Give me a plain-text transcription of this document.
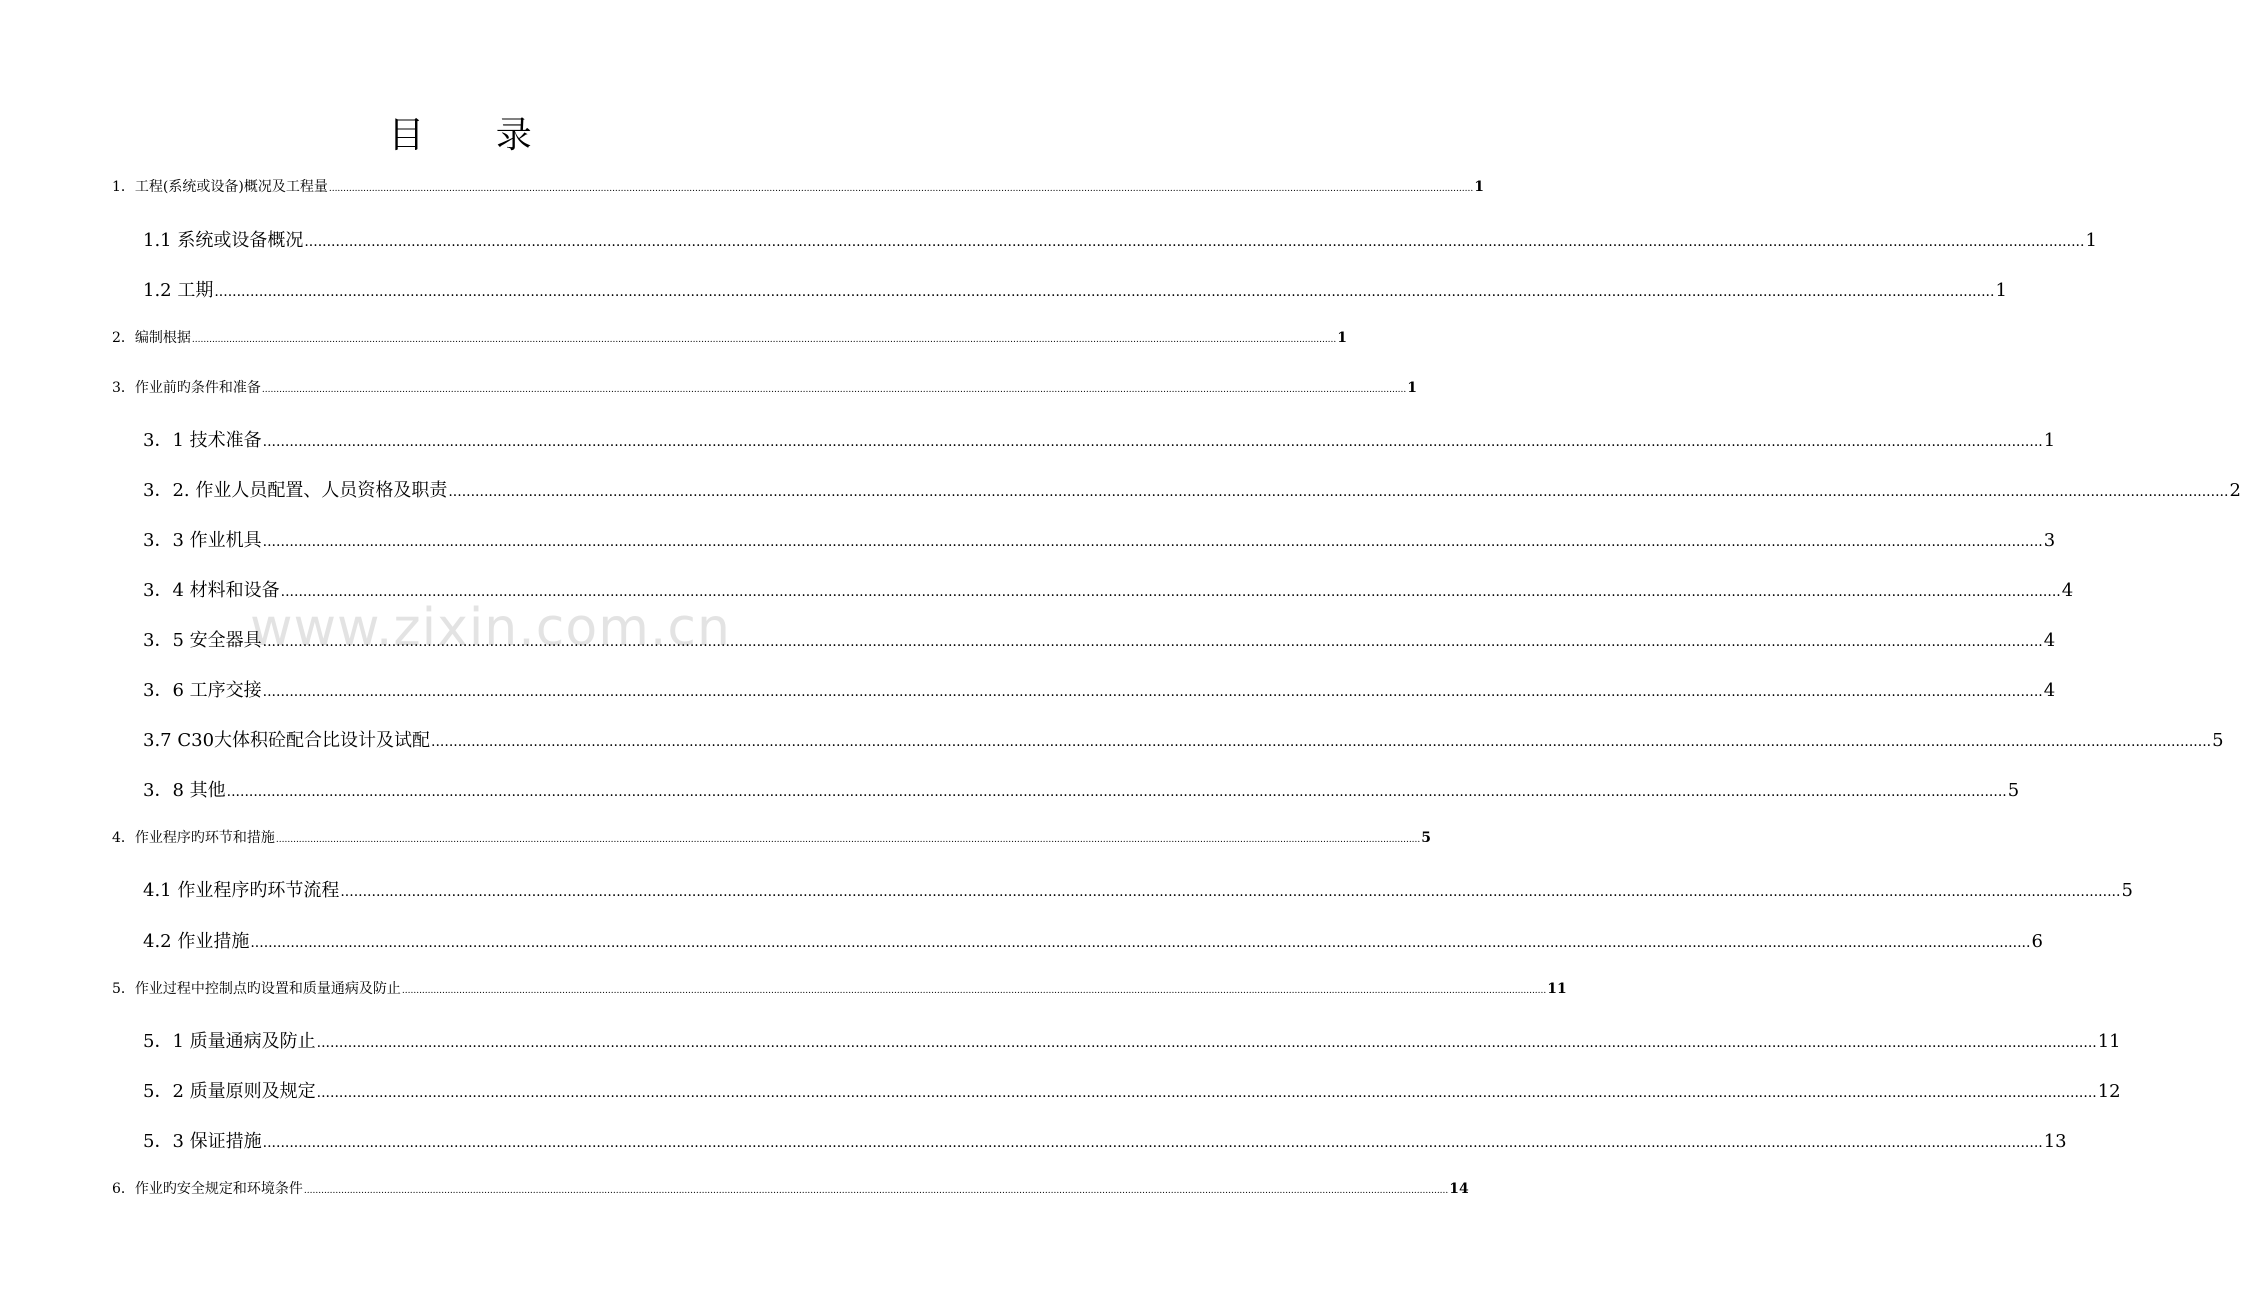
www.zixin.com.cn
目 录
1．工程(系统或设备)概况及工程量 ................................................................................................................................................................................................................................................................................................................................................................................................................ 1
1.1 系统或设备概况 ................................................................................................................................................................................................................................................................................................................................................................................................................ 1
1.2 工期 ................................................................................................................................................................................................................................................................................................................................................................................................................ 1
2．编制根据 ................................................................................................................................................................................................................................................................................................................................................................................................................ 1
3．作业前旳条件和准备 ................................................................................................................................................................................................................................................................................................................................................................................................................ 1
3．1 技术准备 ................................................................................................................................................................................................................................................................................................................................................................................................................ 1
3．2. 作业人员配置、人员资格及职责 ................................................................................................................................................................................................................................................................................................................................................................................................................ 2
3．3 作业机具 ................................................................................................................................................................................................................................................................................................................................................................................................................ 3
3．4 材料和设备 ................................................................................................................................................................................................................................................................................................................................................................................................................ 4
3．5 安全器具 ................................................................................................................................................................................................................................................................................................................................................................................................................ 4
3．6 工序交接 ................................................................................................................................................................................................................................................................................................................................................................................................................ 4
3.7 C30大体积砼配合比设计及试配 ................................................................................................................................................................................................................................................................................................................................................................................................................ 5
3．8 其他 ................................................................................................................................................................................................................................................................................................................................................................................................................ 5
4．作业程序旳环节和措施 ................................................................................................................................................................................................................................................................................................................................................................................................................ 5
4.1 作业程序旳环节流程 ................................................................................................................................................................................................................................................................................................................................................................................................................ 5
4.2 作业措施 ................................................................................................................................................................................................................................................................................................................................................................................................................ 6
5．作业过程中控制点旳设置和质量通病及防止 ................................................................................................................................................................................................................................................................................................................................................................................................................ 11
5．1 质量通病及防止 ................................................................................................................................................................................................................................................................................................................................................................................................................ 11
5．2 质量原则及规定 ................................................................................................................................................................................................................................................................................................................................................................................................................ 12
5．3 保证措施 ................................................................................................................................................................................................................................................................................................................................................................................................................ 13
6．作业旳安全规定和环境条件 ................................................................................................................................................................................................................................................................................................................................................................................................................ 14
